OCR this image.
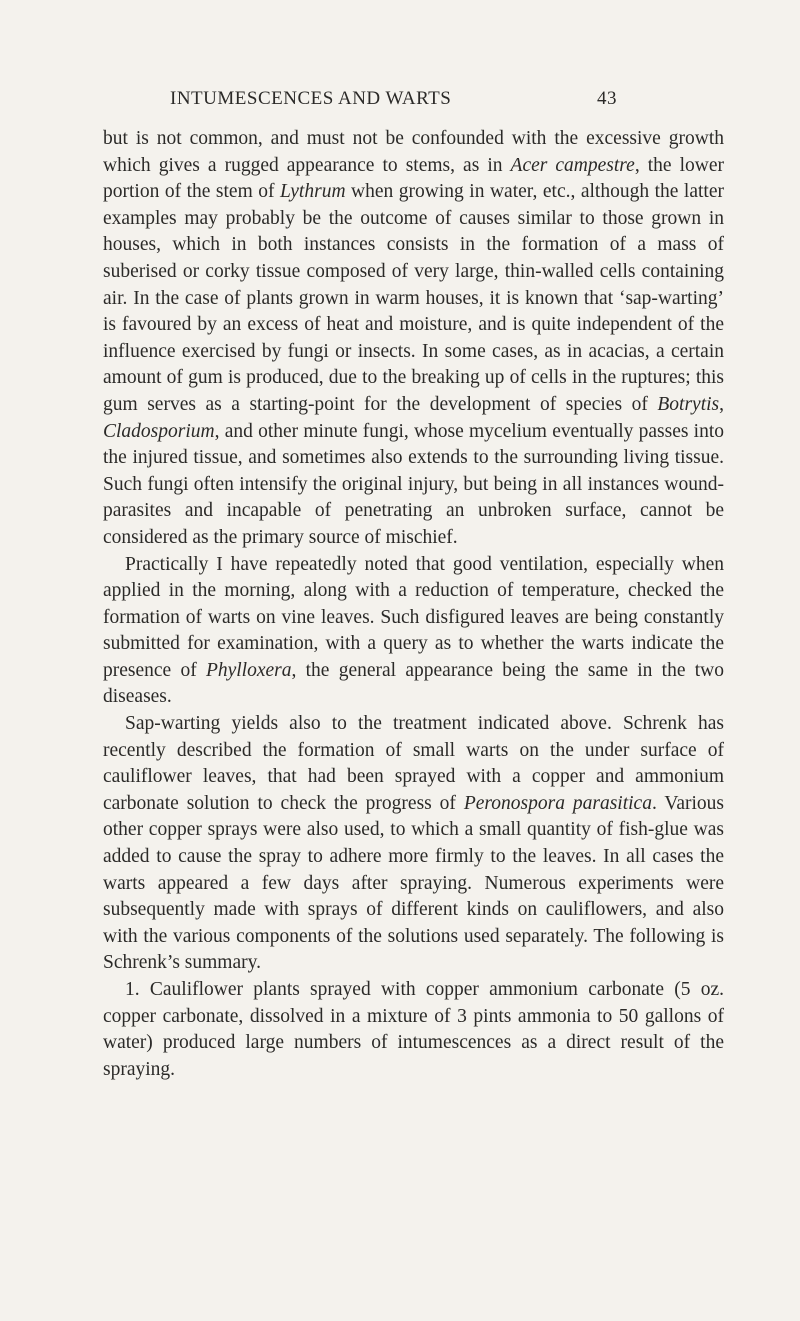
INTUMESCENCES AND WARTS	43

but is not common, and must not be confounded with the excessive growth which gives a rugged appearance to stems, as in Acer campestre, the lower portion of the stem of Lythrum when growing in water, etc., although the latter examples may probably be the outcome of causes similar to those grown in houses, which in both instances consists in the formation of a mass of suberised or corky tissue composed of very large, thin-walled cells containing air. In the case of plants grown in warm houses, it is known that ‘sap-warting’ is favoured by an excess of heat and moisture, and is quite independent of the influence exercised by fungi or insects. In some cases, as in acacias, a certain amount of gum is produced, due to the breaking up of cells in the ruptures; this gum serves as a starting-point for the development of species of Botrytis, Cladosporium, and other minute fungi, whose mycelium eventually passes into the injured tissue, and sometimes also extends to the surrounding living tissue. Such fungi often intensify the original injury, but being in all instances wound-parasites and incapable of penetrating an unbroken surface, cannot be considered as the primary source of mischief.

Practically I have repeatedly noted that good ventilation, especially when applied in the morning, along with a reduction of temperature, checked the formation of warts on vine leaves. Such disfigured leaves are being constantly submitted for examination, with a query as to whether the warts indicate the presence of Phylloxera, the general appearance being the same in the two diseases.

Sap-warting yields also to the treatment indicated above. Schrenk has recently described the formation of small warts on the under surface of cauliflower leaves, that had been sprayed with a copper and ammonium carbonate solution to check the progress of Peronospora parasitica. Various other copper sprays were also used, to which a small quantity of fish-glue was added to cause the spray to adhere more firmly to the leaves. In all cases the warts appeared a few days after spraying. Numerous experiments were subsequently made with sprays of different kinds on cauliflowers, and also with the various components of the solutions used separately. The following is Schrenk’s summary.

1. Cauliflower plants sprayed with copper ammonium carbonate (5 oz. copper carbonate, dissolved in a mixture of 3 pints ammonia to 50 gallons of water) produced large numbers of intumescences as a direct result of the spraying.
